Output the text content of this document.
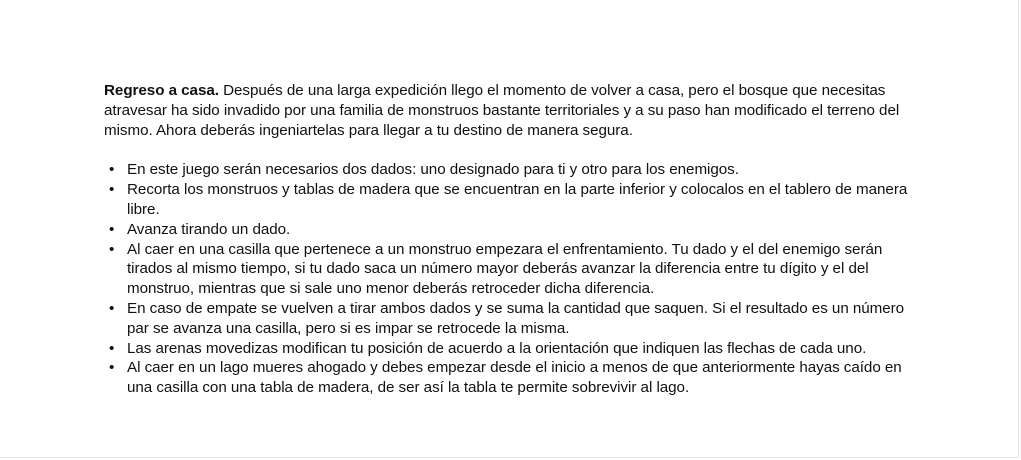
Regreso a casa. Después de una larga expedición llego el momento de volver a casa, pero el bosque que necesitas atravesar ha sido invadido por una familia de monstruos bastante territoriales y a su paso han modificado el terreno del mismo. Ahora deberás ingeniartelas para llegar a tu destino de manera segura.

• En este juego serán necesarios dos dados: uno designado para ti y otro para los enemigos.
• Recorta los monstruos y tablas de madera que se encuentran en la parte inferior y colocalos en el tablero de manera libre.
• Avanza tirando un dado.
• Al caer en una casilla que pertenece a un monstruo empezara el enfrentamiento. Tu dado y el del enemigo serán tirados al mismo tiempo, si tu dado saca un número mayor deberás avanzar la diferencia entre tu dígito y el del monstruo, mientras que si sale uno menor deberás retroceder dicha diferencia.
• En caso de empate se vuelven a tirar ambos dados y se suma la cantidad que saquen. Si el resultado es un número par se avanza una casilla, pero si es impar se retrocede la misma.
• Las arenas movedizas modifican tu posición de acuerdo a la orientación que indiquen las flechas de cada uno.
• Al caer en un lago mueres ahogado y debes empezar desde el inicio a menos de que anteriormente hayas caído en una casilla con una tabla de madera, de ser así la tabla te permite sobrevivir al lago.
